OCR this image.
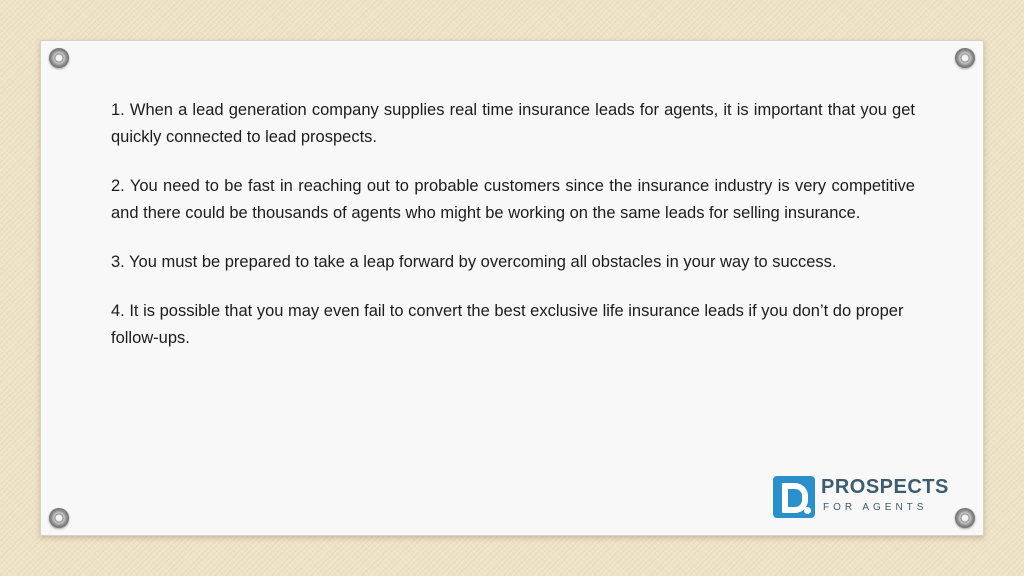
1. When a lead generation company supplies real time insurance leads for agents, it is important that you get quickly connected to lead prospects.

2. You need to be fast in reaching out to probable customers since the insurance industry is very competitive and there could be thousands of agents who might be working on the same leads for selling insurance.

3. You must be prepared to take a leap forward by overcoming all obstacles in your way to success.

4. It is possible that you may even fail to convert the best exclusive life insurance leads if you don’t do proper follow-ups.

PROSPECTS
FOR AGENTS
